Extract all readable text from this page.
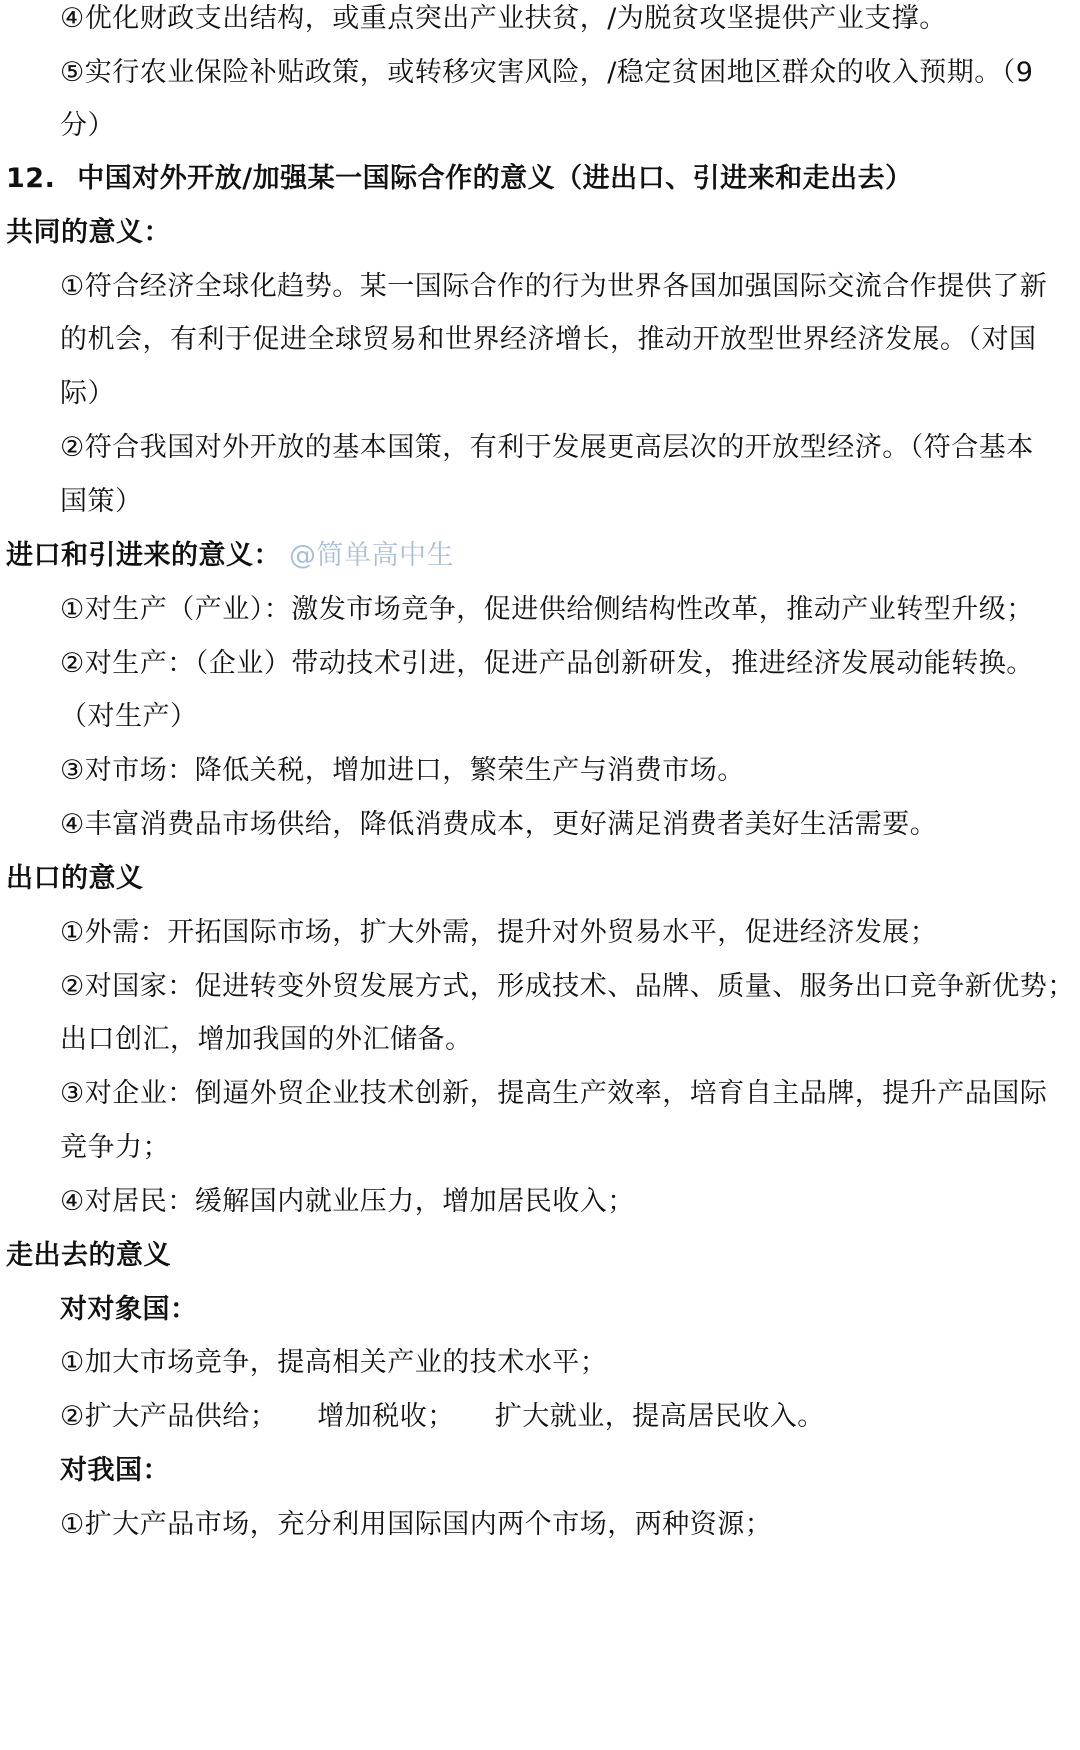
④优化财政支出结构，或重点突出产业扶贫，/为脱贫攻坚提供产业支撑。
⑤实行农业保险补贴政策，或转移灾害风险，/稳定贫困地区群众的收入预期。（9
分）
12. 中国对外开放/加强某一国际合作的意义（进出口、引进来和走出去）
共同的意义：
①符合经济全球化趋势。某一国际合作的行为世界各国加强国际交流合作提供了新
的机会，有利于促进全球贸易和世界经济增长，推动开放型世界经济发展。（对国
际）
②符合我国对外开放的基本国策，有利于发展更高层次的开放型经济。（符合基本
国策）
进口和引进来的意义： @简单高中生
①对生产（产业）：激发市场竞争，促进供给侧结构性改革，推动产业转型升级；
②对生产：（企业）带动技术引进，促进产品创新研发，推进经济发展动能转换。
（对生产）
③对市场：降低关税，增加进口，繁荣生产与消费市场。
④丰富消费品市场供给，降低消费成本，更好满足消费者美好生活需要。
出口的意义
①外需：开拓国际市场，扩大外需，提升对外贸易水平，促进经济发展；
②对国家：促进转变外贸发展方式，形成技术、品牌、质量、服务出口竞争新优势；
出口创汇，增加我国的外汇储备。
③对企业：倒逼外贸企业技术创新，提高生产效率，培育自主品牌，提升产品国际
竞争力；
④对居民：缓解国内就业压力，增加居民收入；
走出去的意义
对对象国：
①加大市场竞争，提高相关产业的技术水平；
②扩大产品供给； 增加税收； 扩大就业，提高居民收入。
对我国：
①扩大产品市场，充分利用国际国内两个市场，两种资源；
